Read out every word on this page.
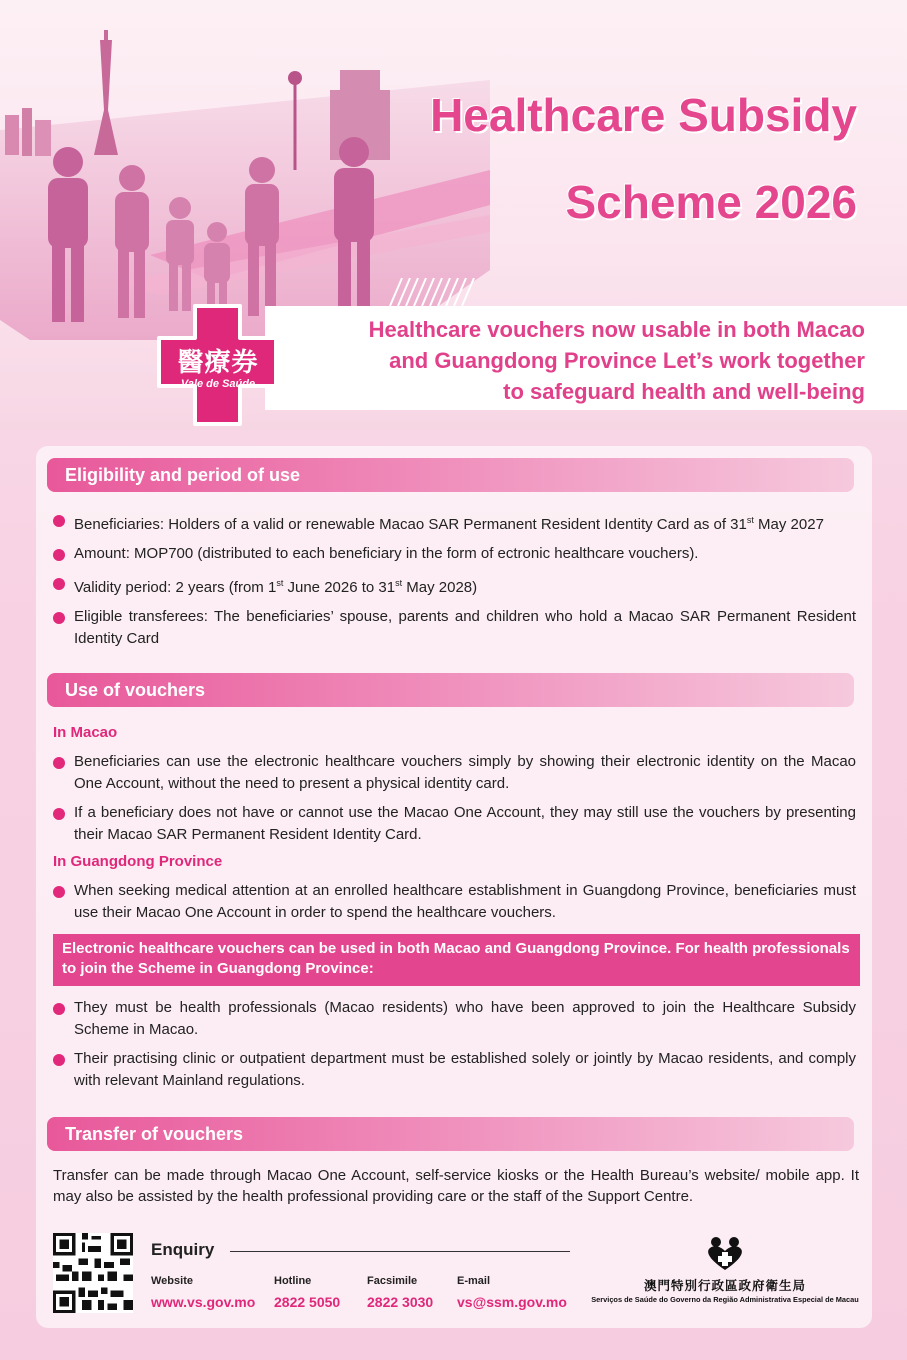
Healthcare Subsidy
Scheme 2026
Healthcare vouchers now usable in both Macao
and Guangdong Province Let’s work together
to safeguard health and well-being
醫療券
Vale de Saúde
Eligibility and period of use
Beneficiaries: Holders of a valid or renewable Macao SAR Permanent Resident Identity Card as of 31st May 2027
Amount: MOP700 (distributed to each beneficiary in the form of ectronic healthcare vouchers).
Validity period: 2 years (from 1st June 2026 to 31st May 2028)
Eligible transferees: The beneficiaries’ spouse, parents and children who hold a Macao SAR Permanent Resident Identity Card
Use of vouchers
In Macao
Beneficiaries can use the electronic healthcare vouchers simply by showing their electronic identity on the Macao One Account, without the need to present a physical identity card.
If a beneficiary does not have or cannot use the Macao One Account, they may still use the vouchers by presenting their Macao SAR Permanent Resident Identity Card.
In Guangdong Province
When seeking medical attention at an enrolled healthcare establishment in Guangdong Province, beneficiaries must use their Macao One Account in order to spend the healthcare vouchers.
Electronic healthcare vouchers can be used in both Macao and Guangdong Province. For health professionals to join the Scheme in Guangdong Province:
They must be health professionals (Macao residents) who have been approved to join the Healthcare Subsidy Scheme in Macao.
Their practising clinic or outpatient department must be established solely or jointly by Macao residents, and comply with relevant Mainland regulations.
Transfer of vouchers

Transfer can be made through Macao One Account, self-service kiosks or the Health Bureau’s website/ mobile app. It may also be assisted by the health professional providing care or the staff of the Support Centre.

Enquiry
Website
www.vs.gov.mo
Hotline
2822 5050
Facsimile
2822 3030
E-mail
vs@ssm.gov.mo
澳門特別行政區政府衛生局
Serviços de Saúde do Governo da Região Administrativa Especial de Macau
